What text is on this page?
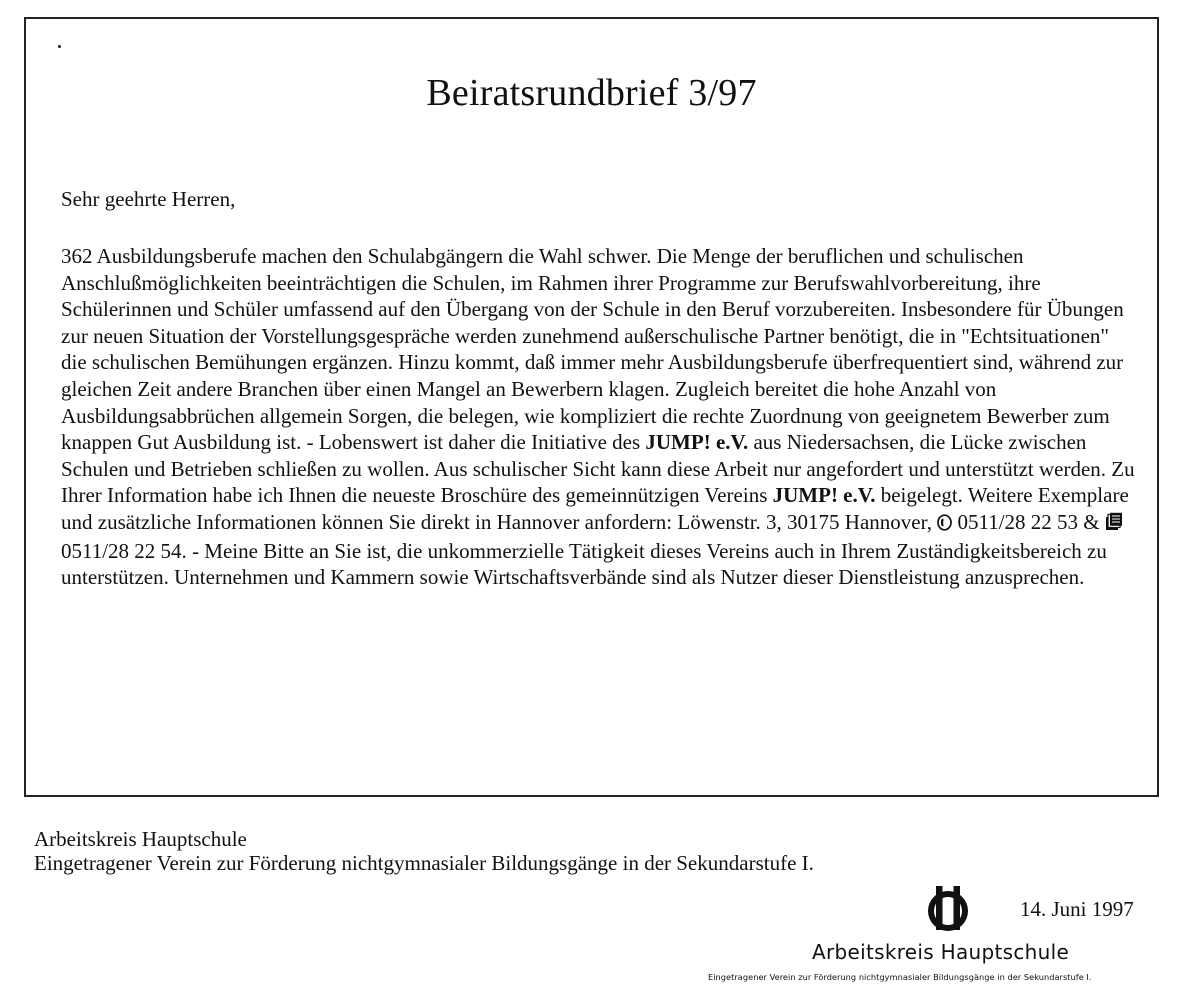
Beiratsrundbrief 3/97
Sehr geehrte Herren,
362 Ausbildungsberufe machen den Schulabgängern die Wahl schwer. Die Menge der beruflichen und schulischen Anschlußmöglichkeiten beeinträchtigen die Schulen, im Rahmen ihrer Programme zur Berufswahlvorbereitung, ihre Schülerinnen und Schüler umfassend auf den Übergang von der Schule in den Beruf vorzubereiten. Insbesondere für Übungen zur neuen Situation der Vorstellungsgespräche werden zunehmend außerschulische Partner benötigt, die in "Echtsituationen" die schulischen Bemühungen ergänzen. Hinzu kommt, daß immer mehr Ausbildungsberufe überfrequentiert sind, während zur gleichen Zeit andere Branchen über einen Mangel an Bewerbern klagen. Zugleich bereitet die hohe Anzahl von Ausbildungsabbrüchen allgemein Sorgen, die belegen, wie kompliziert die rechte Zuordnung von geeignetem Bewerber zum knappen Gut Ausbildung ist. - Lobenswert ist daher die Initiative des JUMP! e.V. aus Niedersachsen, die Lücke zwischen Schulen und Betrieben schließen zu wollen. Aus schulischer Sicht kann diese Arbeit nur angefordert und unterstützt werden. Zu Ihrer Information habe ich Ihnen die neueste Broschüre des gemeinnützigen Vereins JUMP! e.V. beigelegt. Weitere Exemplare und zusätzliche Informationen können Sie direkt in Hannover anfordern: Löwenstr. 3, 30175 Hannover, 0511/28 22 53 &  0511/28 22 54. - Meine Bitte an Sie ist, die unkommerzielle Tätigkeit dieses Vereins auch in Ihrem Zuständigkeitsbereich zu unterstützen. Unternehmen und Kammern sowie Wirtschaftsverbände sind als Nutzer dieser Dienstleistung anzusprechen.
Arbeitskreis Hauptschule
Eingetragener Verein zur Förderung nichtgymnasialer Bildungsgänge in der Sekundarstufe I.
14. Juni 1997
Arbeitskreis Hauptschule
Eingetragener Verein zur Förderung nichtgymnasialer Bildungsgänge in der Sekundarstufe I.
